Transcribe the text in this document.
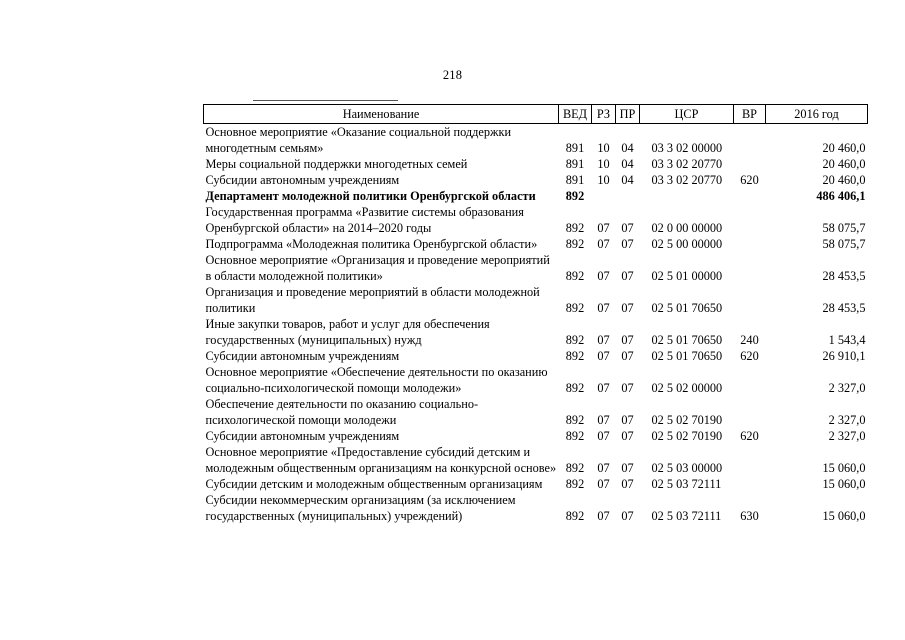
218
Наименование	ВЕД	РЗ	ПР	ЦСР	ВР	2016 год
Основное мероприятие «Оказание социальной поддержки многодетным семьям»	891	10	04	03 3 02 00000		20 460,0
Меры социальной поддержки многодетных семей	891	10	04	03 3 02 20770		20 460,0
Субсидии автономным учреждениям	891	10	04	03 3 02 20770	620	20 460,0
Департамент молодежной политики Оренбургской области	892					486 406,1
Государственная программа «Развитие системы образования Оренбургской области» на 2014–2020 годы	892	07	07	02 0 00 00000		58 075,7
Подпрограмма «Молодежная политика Оренбургской области»	892	07	07	02 5 00 00000		58 075,7
Основное мероприятие «Организация и проведение мероприятий в области молодежной политики»	892	07	07	02 5 01 00000		28 453,5
Организация и проведение мероприятий в области молодежной политики	892	07	07	02 5 01 70650		28 453,5
Иные закупки товаров, работ и услуг для обеспечения государственных (муниципальных) нужд	892	07	07	02 5 01 70650	240	1 543,4
Субсидии автономным учреждениям	892	07	07	02 5 01 70650	620	26 910,1
Основное мероприятие «Обеспечение деятельности по оказанию социально-психологической помощи молодежи»	892	07	07	02 5 02 00000		2 327,0
Обеспечение деятельности по оказанию социально-психологической помощи молодежи	892	07	07	02 5 02 70190		2 327,0
Субсидии автономным учреждениям	892	07	07	02 5 02 70190	620	2 327,0
Основное мероприятие «Предоставление субсидий детским и молодежным общественным организациям на конкурсной основе»	892	07	07	02 5 03 00000		15 060,0
Субсидии детским и молодежным общественным организациям	892	07	07	02 5 03 72111		15 060,0
Субсидии некоммерческим организациям (за исключением государственных (муниципальных) учреждений)	892	07	07	02 5 03 72111	630	15 060,0
